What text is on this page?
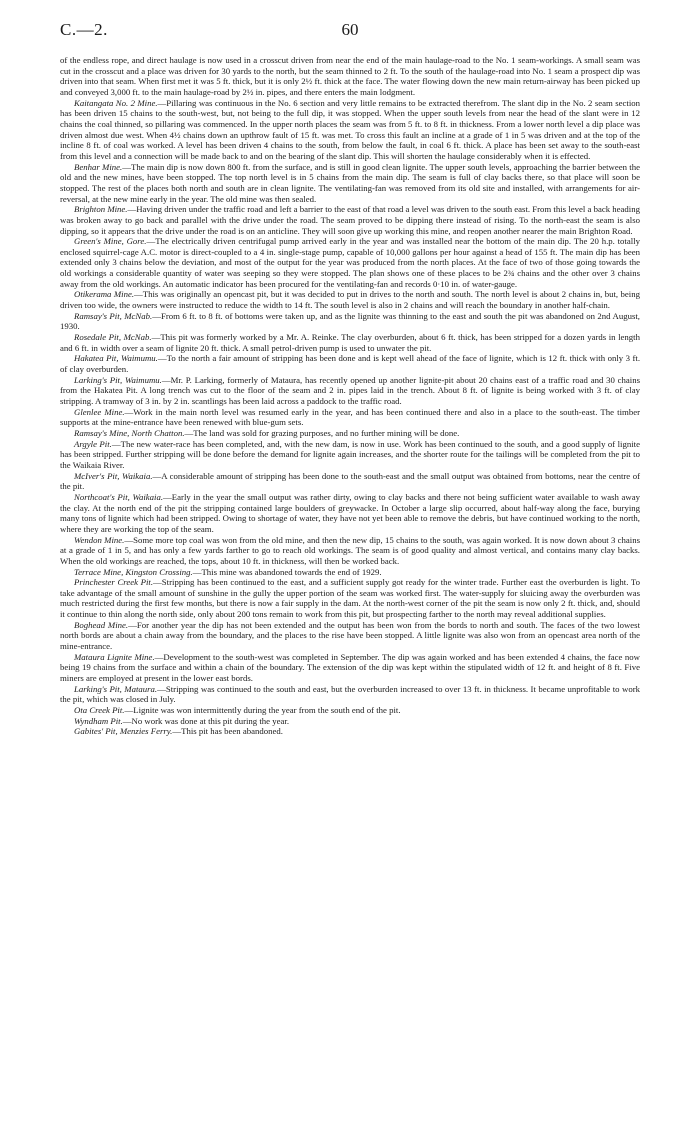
C.—2.	60

of the endless rope, and direct haulage is now used in a crosscut driven from near the end of the main haulage-road to the No. 1 seam-workings. A small seam was cut in the crosscut and a place was driven for 30 yards to the north, but the seam thinned to 2 ft. To the south of the haulage-road into No. 1 seam a prospect dip was driven into that seam. When first met it was 5 ft. thick, but it is only 2½ ft. thick at the face. The water flowing down the new main return-airway has been picked up and conveyed 3,000 ft. to the main haulage-road by 2½ in. pipes, and there enters the main lodgment.

Kaitangata No. 2 Mine.—Pillaring was continuous in the No. 6 section and very little remains to be extracted therefrom. The slant dip in the No. 2 seam section has been driven 15 chains to the south-west, but, not being to the full dip, it was stopped. When the upper south levels from near the head of the slant were in 12 chains the coal thinned, so pillaring was commenced. In the upper north places the seam was from 5 ft. to 8 ft. in thickness. From a lower north level a dip place was driven almost due west. When 4½ chains down an upthrow fault of 15 ft. was met. To cross this fault an incline at a grade of 1 in 5 was driven and at the top of the incline 8 ft. of coal was worked. A level has been driven 4 chains to the south, from below the fault, in coal 6 ft. thick. A place has been set away to the south-east from this level and a connection will be made back to and on the bearing of the slant dip. This will shorten the haulage considerably when it is effected.

Benhar Mine.—The main dip is now down 800 ft. from the surface, and is still in good clean lignite. The upper south levels, approaching the barrier between the old and the new mines, have been stopped. The top north level is in 5 chains from the main dip. The seam is full of clay backs there, so that place will soon be stopped. The rest of the places both north and south are in clean lignite. The ventilating-fan was removed from its old site and installed, with arrangements for air-reversal, at the new mine early in the year. The old mine was then sealed.

Brighton Mine.—Having driven under the traffic road and left a barrier to the east of that road a level was driven to the south east. From this level a back heading was broken away to go back and parallel with the drive under the road. The seam proved to be dipping there instead of rising. To the north-east the seam is also dipping, so it appears that the drive under the road is on an anticline. They will soon give up working this mine, and reopen another nearer the main Brighton Road.

Green's Mine, Gore.—The electrically driven centrifugal pump arrived early in the year and was installed near the bottom of the main dip. The 20 h.p. totally enclosed squirrel-cage A.C. motor is direct-coupled to a 4 in. single-stage pump, capable of 10,000 gallons per hour against a head of 155 ft. The main dip has been extended only 3 chains below the deviation, and most of the output for the year was produced from the north places. At the face of two of those going towards the old workings a considerable quantity of water was seeping so they were stopped. The plan shows one of these places to be 2¾ chains and the other over 3 chains away from the old workings. An automatic indicator has been procured for the ventilating-fan and records 0·10 in. of water-gauge.

Otikerama Mine.—This was originally an opencast pit, but it was decided to put in drives to the north and south. The north level is about 2 chains in, but, being driven too wide, the owners were instructed to reduce the width to 14 ft. The south level is also in 2 chains and will reach the boundary in another half-chain.

Ramsay's Pit, McNab.—From 6 ft. to 8 ft. of bottoms were taken up, and as the lignite was thinning to the east and south the pit was abandoned on 2nd August, 1930.

Rosedale Pit, McNab.—This pit was formerly worked by a Mr. A. Reinke. The clay overburden, about 6 ft. thick, has been stripped for a dozen yards in length and 6 ft. in width over a seam of lignite 20 ft. thick. A small petrol-driven pump is used to unwater the pit.

Hakatea Pit, Waimumu.—To the north a fair amount of stripping has been done and is kept well ahead of the face of lignite, which is 12 ft. thick with only 3 ft. of clay overburden.

Larking's Pit, Waimumu.—Mr. P. Larking, formerly of Mataura, has recently opened up another lignite-pit about 20 chains east of a traffic road and 30 chains from the Hakatea Pit. A long trench was cut to the floor of the seam and 2 in. pipes laid in the trench. About 8 ft. of lignite is being worked with 3 ft. of clay stripping. A tramway of 3 in. by 2 in. scantlings has been laid across a paddock to the traffic road.

Glenlee Mine.—Work in the main north level was resumed early in the year, and has been continued there and also in a place to the south-east. The timber supports at the mine-entrance have been renewed with blue-gum sets.

Ramsay's Mine, North Chatton.—The land was sold for grazing purposes, and no further mining will be done.

Argyle Pit.—The new water-race has been completed, and, with the new dam, is now in use. Work has been continued to the south, and a good supply of lignite has been stripped. Further stripping will be done before the demand for lignite again increases, and the shorter route for the tailings will be completed from the pit to the Waikaia River.

McIver's Pit, Waikaia.—A considerable amount of stripping has been done to the south-east and the small output was obtained from bottoms, near the centre of the pit.

Northcoat's Pit, Waikaia.—Early in the year the small output was rather dirty, owing to clay backs and there not being sufficient water available to wash away the clay. At the north end of the pit the stripping contained large boulders of greywacke. In October a large slip occurred, about half-way along the face, burying many tons of lignite which had been stripped. Owing to shortage of water, they have not yet been able to remove the debris, but have continued working to the north, where they are working the top of the seam.

Wendon Mine.—Some more top coal was won from the old mine, and then the new dip, 15 chains to the south, was again worked. It is now down about 3 chains at a grade of 1 in 5, and has only a few yards farther to go to reach old workings. The seam is of good quality and almost vertical, and contains many clay backs. When the old workings are reached, the tops, about 10 ft. in thickness, will then be worked back.

Terrace Mine, Kingston Crossing.—This mine was abandoned towards the end of 1929.

Princhester Creek Pit.—Stripping has been continued to the east, and a sufficient supply got ready for the winter trade. Further east the overburden is light. To take advantage of the small amount of sunshine in the gully the upper portion of the seam was worked first. The water-supply for sluicing away the overburden was much restricted during the first few months, but there is now a fair supply in the dam. At the north-west corner of the pit the seam is now only 2 ft. thick, and, should it continue to thin along the north side, only about 200 tons remain to work from this pit, but prospecting farther to the north may reveal additional supplies.

Boghead Mine.—For another year the dip has not been extended and the output has been won from the bords to north and south. The faces of the two lowest north bords are about a chain away from the boundary, and the places to the rise have been stopped. A little lignite was also won from an opencast area north of the mine-entrance.

Mataura Lignite Mine.—Development to the south-west was completed in September. The dip was again worked and has been extended 4 chains, the face now being 19 chains from the surface and within a chain of the boundary. The extension of the dip was kept within the stipulated width of 12 ft. and height of 8 ft. Five miners are employed at present in the lower east bords.

Larking's Pit, Mataura.—Stripping was continued to the south and east, but the overburden increased to over 13 ft. in thickness. It became unprofitable to work the pit, which was closed in July.

Ota Creek Pit.—Lignite was won intermittently during the year from the south end of the pit.

Wyndham Pit.—No work was done at this pit during the year.

Gabites' Pit, Menzies Ferry.—This pit has been abandoned.
